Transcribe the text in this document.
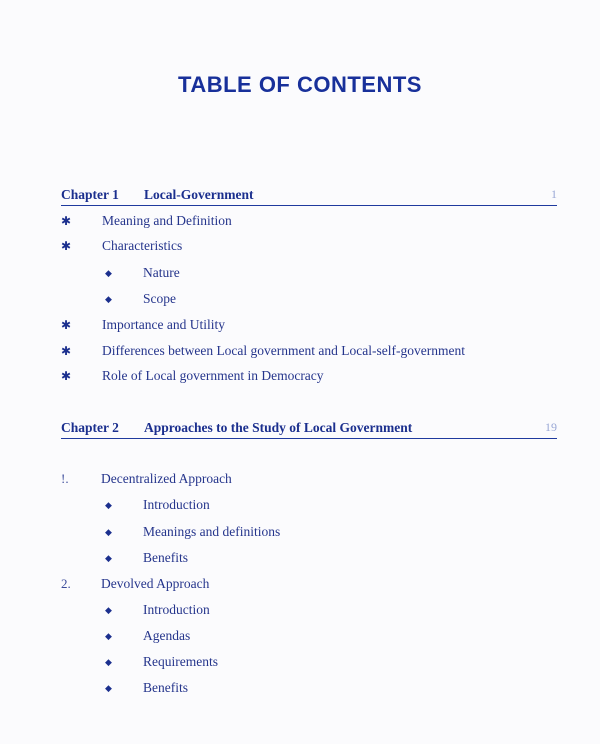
TABLE OF CONTENTS
Chapter 1 Local-Government	1
✱ Meaning and Definition
✱ Characteristics
◆ Nature
◆ Scope
✱ Importance and Utility
✱ Differences between Local government and Local-self-government
✱ Role of Local government in Democracy
Chapter 2 Approaches to the Study of Local Government	19
!. Decentralized Approach
◆ Introduction
◆ Meanings and definitions
◆ Benefits
2. Devolved Approach
◆ Introduction
◆ Agendas
◆ Requirements
◆ Benefits
